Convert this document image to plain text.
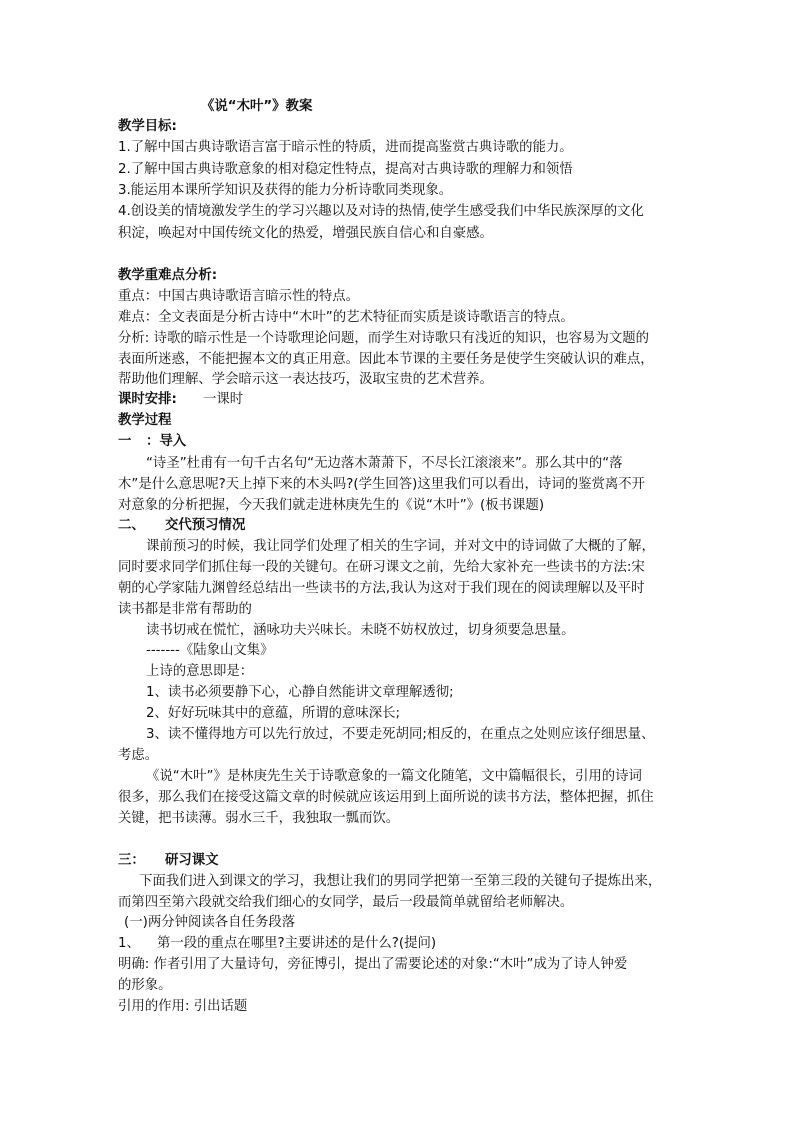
《说“木叶”》教案
教学目标:
1.了解中国古典诗歌语言富于暗示性的特质，进而提高鉴赏古典诗歌的能力。
2.了解中国古典诗歌意象的相对稳定性特点，提高对古典诗歌的理解力和领悟
3.能运用本课所学知识及获得的能力分析诗歌同类现象。
4.创设美的情境激发学生的学习兴趣以及对诗的热情,使学生感受我们中华民族深厚的文化
积淀，唤起对中国传统文化的热爱，增强民族自信心和自豪感。
教学重难点分析:
重点：中国古典诗歌语言暗示性的特点。
难点：全文表面是分析古诗中“木叶”的艺术特征而实质是谈诗歌语言的特点。
分析: 诗歌的暗示性是一个诗歌理论问题，而学生对诗歌只有浅近的知识，也容易为文题的
表面所迷惑，不能把握本文的真正用意。因此本节课的主要任务是使学生突破认识的难点，
帮助他们理解、学会暗示这一表达技巧，汲取宝贵的艺术营养。
课时安排: 一课时
教学过程
一 ：导入
“诗圣”杜甫有一句千古名句“无边落木萧萧下，不尽长江滚滚来”。那么其中的“落
木”是什么意思呢?天上掉下来的木头吗?(学生回答)这里我们可以看出，诗词的鉴赏离不开
对意象的分析把握，今天我们就走进林庚先生的《说“木叶”》(板书课题)
二、 交代预习情况
课前预习的时候，我让同学们处理了相关的生字词，并对文中的诗词做了大概的了解，
同时要求同学们抓住每一段的关键句。在研习课文之前，先给大家补充一些读书的方法:宋
朝的心学家陆九渊曾经总结出一些读书的方法,我认为这对于我们现在的阅读理解以及平时
读书都是非常有帮助的
读书切戒在慌忙，涵咏功夫兴味长。未晓不妨权放过，切身须要急思量。
-------《陆象山文集》
上诗的意思即是：
1、读书必须要静下心，心静自然能讲文章理解透彻;
2、好好玩味其中的意蕴，所谓的意味深长;
3、读不懂得地方可以先行放过，不要走死胡同;相反的，在重点之处则应该仔细思量、
考虑。
《说“木叶”》是林庚先生关于诗歌意象的一篇文化随笔，文中篇幅很长，引用的诗词
很多，那么我们在接受这篇文章的时候就应该运用到上面所说的读书方法，整体把握，抓住
关键，把书读薄。弱水三千，我独取一瓢而饮。
三： 研习课文
下面我们进入到课文的学习，我想让我们的男同学把第一至第三段的关键句子提炼出来，
而第四至第六段就交给我们细心的女同学，最后一段最简单就留给老师解决。
(一)两分钟阅读各自任务段落
1、 第一段的重点在哪里?主要讲述的是什么?(提问)
明确: 作者引用了大量诗句，旁征博引，提出了需要论述的对象:“木叶”成为了诗人钟爱
的形象。
引用的作用: 引出话题
